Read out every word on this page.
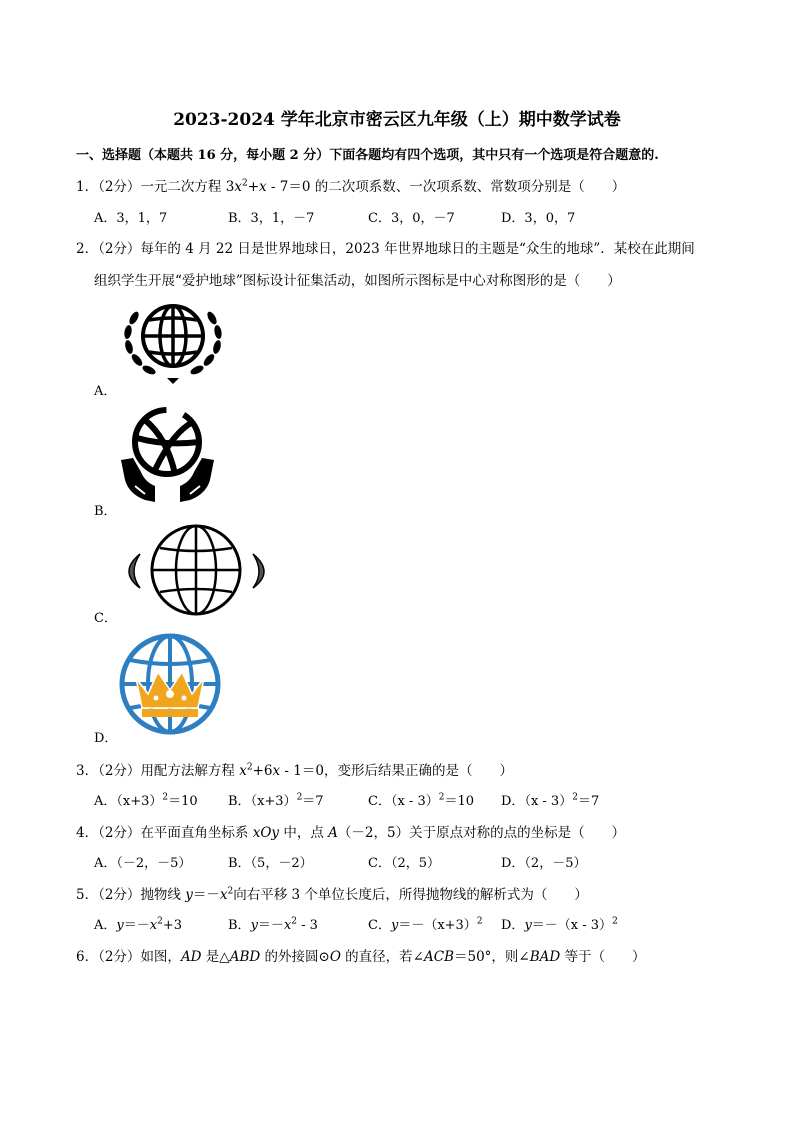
2023-2024 学年北京市密云区九年级（上）期中数学试卷
一、选择题（本题共 16 分，每小题 2 分）下面各题均有四个选项，其中只有一个选项是符合题意的.
1．（2分）一元二次方程 $3x^2+x - 7=0$ 的二次项系数、一次项系数、常数项分别是（　　）
A．3，1，7	B．3，1，－7	C．3，0，－7	D．3，0，7
2．（2分）每年的 4 月 22 日是世界地球日，2023 年世界地球日的主题是“众生的地球”．某校在此期间
组织学生开展“爱护地球”图标设计征集活动，如图所示图标是中心对称图形的是（　　）
A．
B．
C．
D．
3．（2分）用配方法解方程 $x^2+6x - 1=0$，变形后结果正确的是（　　）
A．$(x+3)^2=10$ B．$(x+3)^2=7$	C．（x - 3）$^2$＝10 D．（x - 3）$^2$＝7
4．（2分）在平面直角坐标系 xOy 中，点 A（－2，5）关于原点对称的点的坐标是（　　）
A．（－2，－5）	B．（5，－2）	C．（2，5）	D．（2，－5）
5．（2分）抛物线 $y=-x^2$向右平移 3 个单位长度后，所得抛物线的解析式为（　　）
A．$y=-x^2+3$	B．$y=-x^2 - 3$	C．$y=-(x+3)^2$ D．y＝－（x - 3）$^2$
6．（2分）如图，AD 是△ABD 的外接圆⊙O 的直径，若∠ACB＝50°，则∠BAD 等于（　　）
